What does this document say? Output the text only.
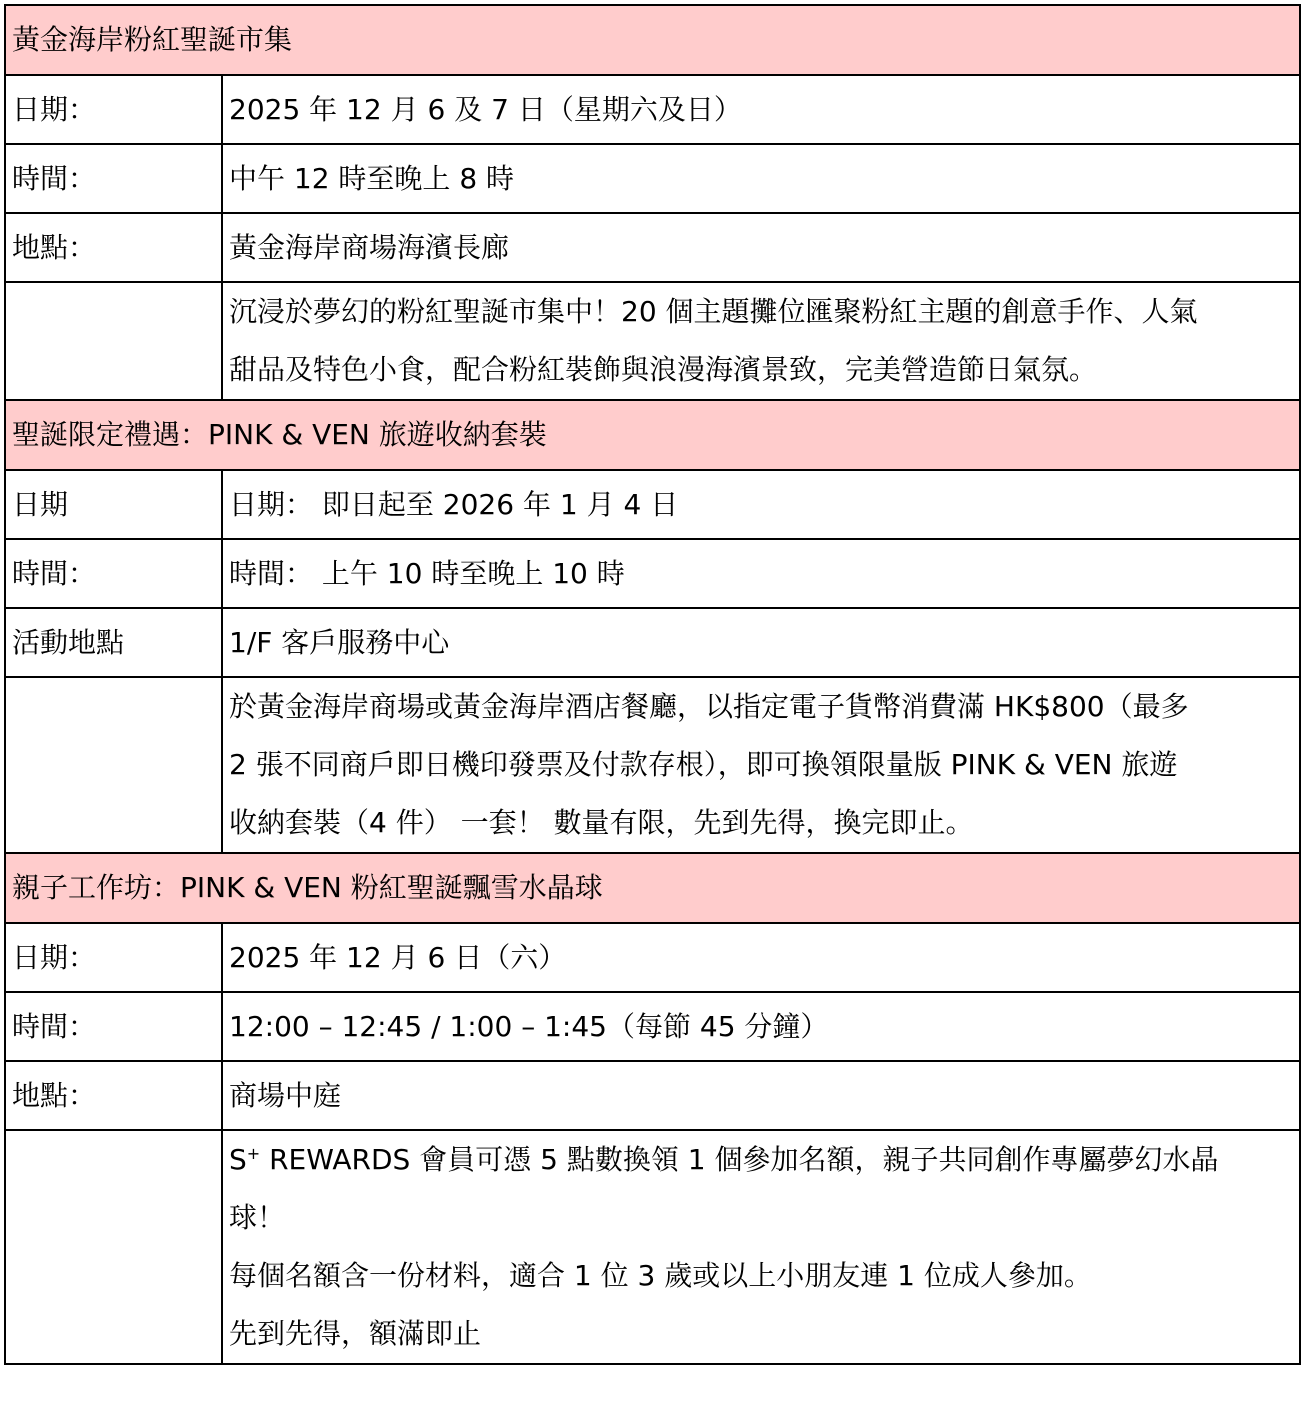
黃金海岸粉紅聖誕市集	
日期：	2025 年 12 月 6 及 7 日（星期六及日）
時間：	中午 12 時至晚上 8 時
地點：	黃金海岸商場海濱長廊

	沉浸於夢幻的粉紅聖誕市集中！20 個主題攤位匯聚粉紅主題的創意手作、人氣
甜品及特色小食，配合粉紅裝飾與浪漫海濱景致，完美營造節日氣氛。

聖誕限定禮遇：PINK & VEN 旅遊收納套裝	
日期	日期： 即日起至 2026 年 1 月 4 日
時間：	時間： 上午 10 時至晚上 10 時
活動地點	1/F 客戶服務中心

	於黃金海岸商場或黃金海岸酒店餐廳，以指定電子貨幣消費滿 HK$800（最多
2 張不同商戶即日機印發票及付款存根），即可換領限量版 PINK & VEN 旅遊
收納套裝（4 件） 一套！ 數量有限，先到先得，換完即止。

親子工作坊：PINK & VEN 粉紅聖誕飄雪水晶球	
日期：	2025 年 12 月 6 日（六）
時間：	12:00 – 12:45 / 1:00 – 1:45（每節 45 分鐘）
地點：	商場中庭

	S+ REWARDS 會員可憑 5 點數換領 1 個參加名額，親子共同創作專屬夢幻水晶
球！
每個名額含一份材料，適合 1 位 3 歲或以上小朋友連 1 位成人參加。
先到先得，額滿即止
